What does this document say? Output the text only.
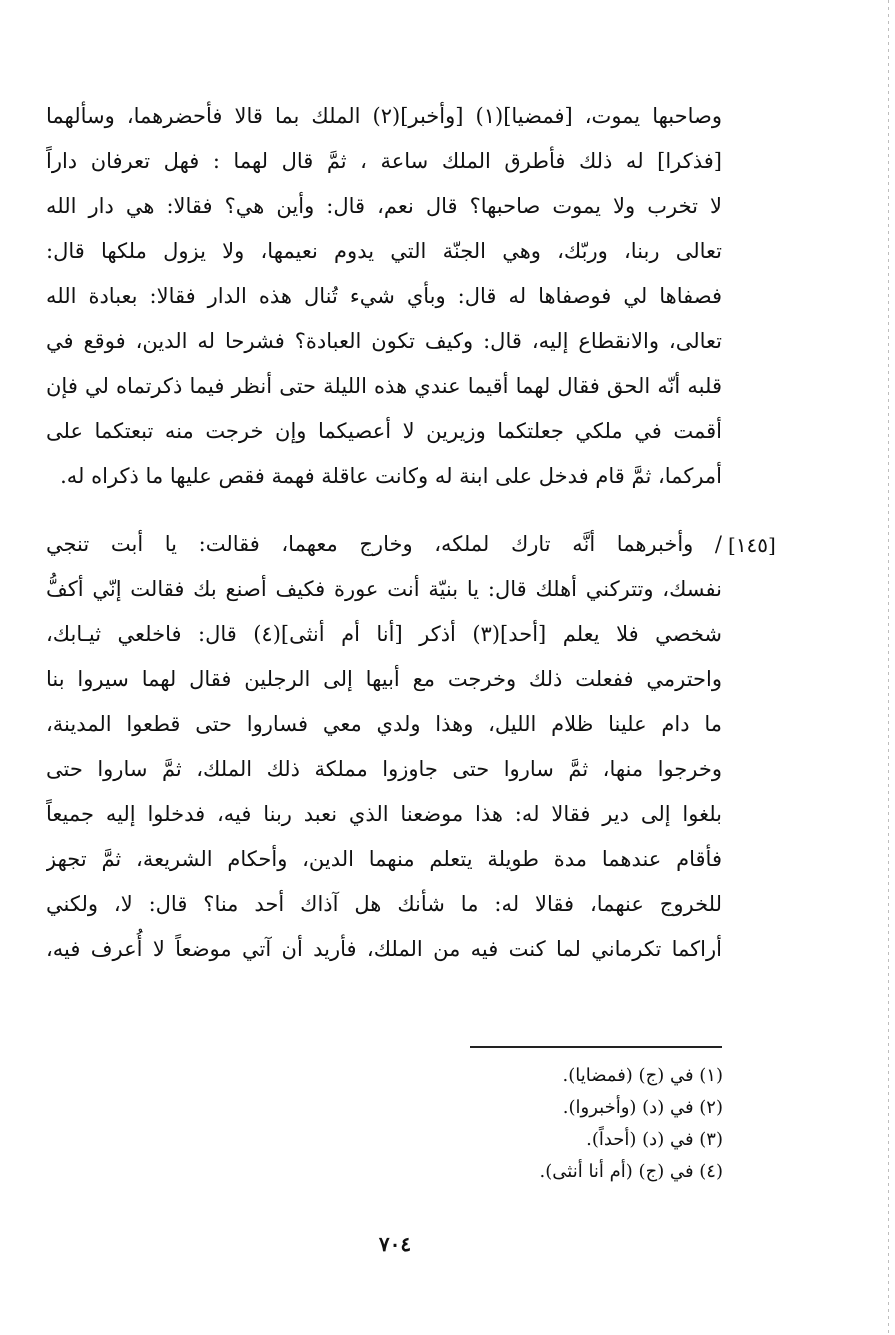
وصاحبها يموت، [فمضيا](١) [وأخبر](٢) الملك بما قالا فأحضرهما، وسألهما
[فذكرا] له ذلك فأطرق الملك ساعة ، ثمَّ قال لهما : فهل تعرفان داراً
لا تخرب ولا يموت صاحبها؟ قال نعم، قال: وأين هي؟ فقالا: هي دار الله
تعالى ربنا، وربّك، وهي الجنّة التي يدوم نعيمها، ولا يزول ملكها قال:
فصفاها لي فوصفاها له قال: وبأي شيء تُنال هذه الدار فقالا: بعبادة الله
تعالى، والانقطاع إليه، قال: وكيف تكون العبادة؟ فشرحا له الدين، فوقع في
قلبه أنّه الحق فقال لهما أقيما عندي هذه الليلة حتى أنظر فيما ذكرتماه لي فإن
أقمت في ملكي جعلتكما وزيرين لا أعصيكما وإن خرجت منه تبعتكما على
أمركما، ثمَّ قام فدخل على ابنة له وكانت عاقلة فهمة فقص عليها ما ذكراه له.
[١٤٥]
/ وأخبرهما أنَّه تارك لملكه، وخارج معهما، فقالت: يا أبت تنجي
نفسك، وتتركني أهلك قال: يا بنيّة أنت عورة فكيف أصنع بك فقالت إنّي أكفُّ
شخصي فلا يعلم [أحد](٣) أذكر [أنا أم أنثى](٤) قال: فاخلعي ثيـابك،
واحترمي ففعلت ذلك وخرجت مع أبيها إلى الرجلين فقال لهما سيروا بنا
ما دام علينا ظلام الليل، وهذا ولدي معي فساروا حتى قطعوا المدينة،
وخرجوا منها، ثمَّ ساروا حتى جاوزوا مملكة ذلك الملك، ثمَّ ساروا حتى
بلغوا إلى دير فقالا له: هذا موضعنا الذي نعبد ربنا فيه، فدخلوا إليه جميعاً
فأقام عندهما مدة طويلة يتعلم منهما الدين، وأحكام الشريعة، ثمَّ تجهز
للخروج عنهما، فقالا له: ما شأنك هل آذاك أحد منا؟ قال: لا، ولكني
أراكما تكرماني لما كنت فيه من الملك، فأريد أن آتي موضعاً لا أُعرف فيه،
(١) في (ج) (فمضايا).
(٢) في (د) (وأخبروا).
(٣) في (د) (أحداً).
(٤) في (ج) (أم أنا أنثى).
٧٠٤
